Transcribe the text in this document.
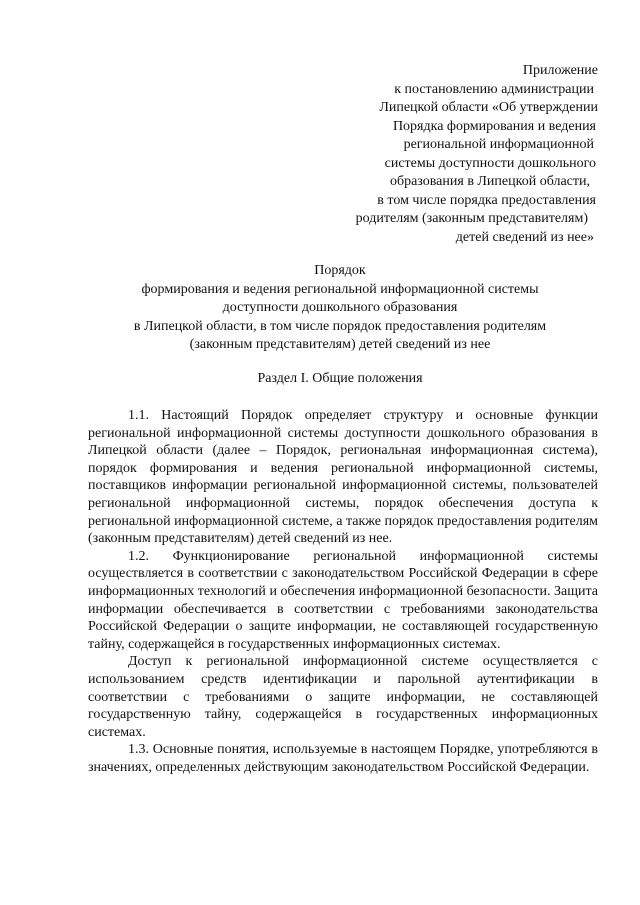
Приложение
к постановлению администрации
Липецкой области «Об утверждении
Порядка формирования и ведения
региональной информационной
системы доступности дошкольного
образования в Липецкой области,
в том числе порядка предоставления
родителям (законным представителям)
детей сведений из нее»
Порядок
формирования и ведения региональной информационной системы
доступности дошкольного образования
в Липецкой области, в том числе порядок предоставления родителям
(законным представителям) детей сведений из нее
Раздел I. Общие положения

1.1. Настоящий Порядок определяет структуру и основные функции региональной информационной системы доступности дошкольного образования в Липецкой области (далее – Порядок, региональная информационная система), порядок формирования и ведения региональной информационной системы, поставщиков информации региональной информационной системы, пользователей региональной информационной системы, порядок обеспечения доступа к региональной информационной системе, а также порядок предоставления родителям (законным представителям) детей сведений из нее.

1.2. Функционирование региональной информационной системы осуществляется в соответствии с законодательством Российской Федерации в сфере информационных технологий и обеспечения информационной безопасности. Защита информации обеспечивается в соответствии с требованиями законодательства Российской Федерации о защите информации, не составляющей государственную тайну, содержащейся в государственных информационных системах.

Доступ к региональной информационной системе осуществляется с использованием средств идентификации и парольной аутентификации в соответствии с требованиями о защите информации, не составляющей государственную тайну, содержащейся в государственных информационных системах.

1.3. Основные понятия, используемые в настоящем Порядке, употребляются в значениях, определенных действующим законодательством Российской Федерации.
